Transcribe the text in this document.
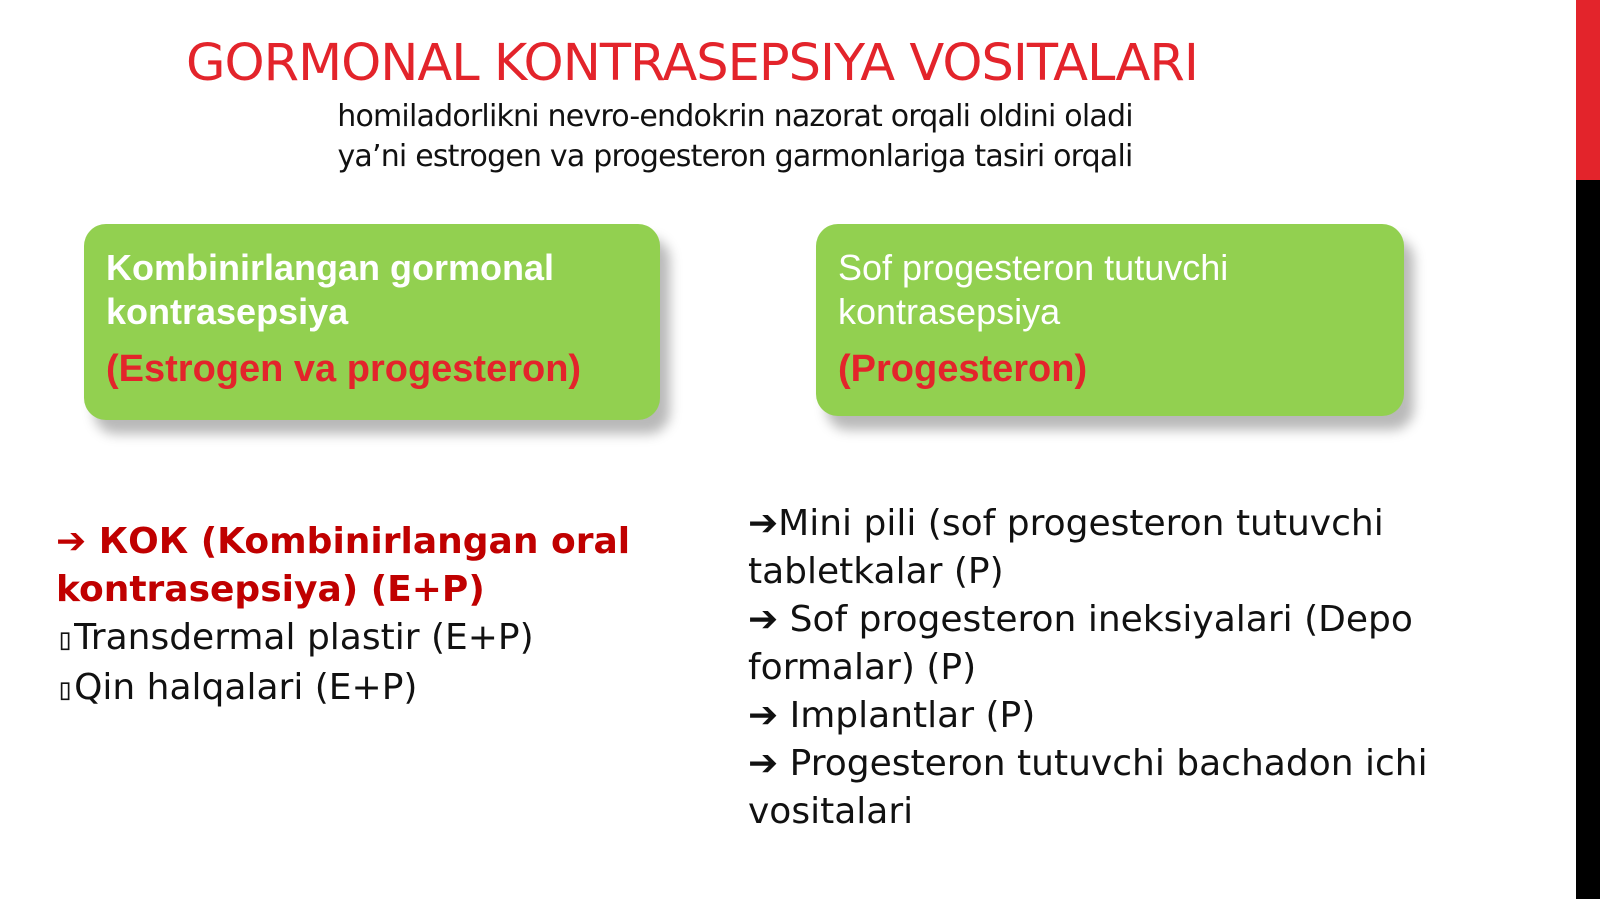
GORMONAL KONTRASEPSIYA VOSITALARI
homiladorlikni nevro-endokrin nazorat orqali oldini oladi
ya’ni estrogen va progesteron garmonlariga tasiri orqali
Kombinirlangan gormonal kontrasepsiya
(Estrogen va progesteron)
Sof progesteron tutuvchi kontrasepsiya
(Progesteron)

➔ КОК (Kombinirlangan oral kontrasepsiya) (E+P)

▯Transdermal plastir (E+P)

▯Qin halqalari (E+P)

➔Mini pili (sof progesteron tutuvchi tabletkalar (P)

➔ Sof progesteron ineksiyalari (Depo formalar) (P)

➔ Implantlar (P)

➔ Progesteron tutuvchi bachadon ichi vositalari
